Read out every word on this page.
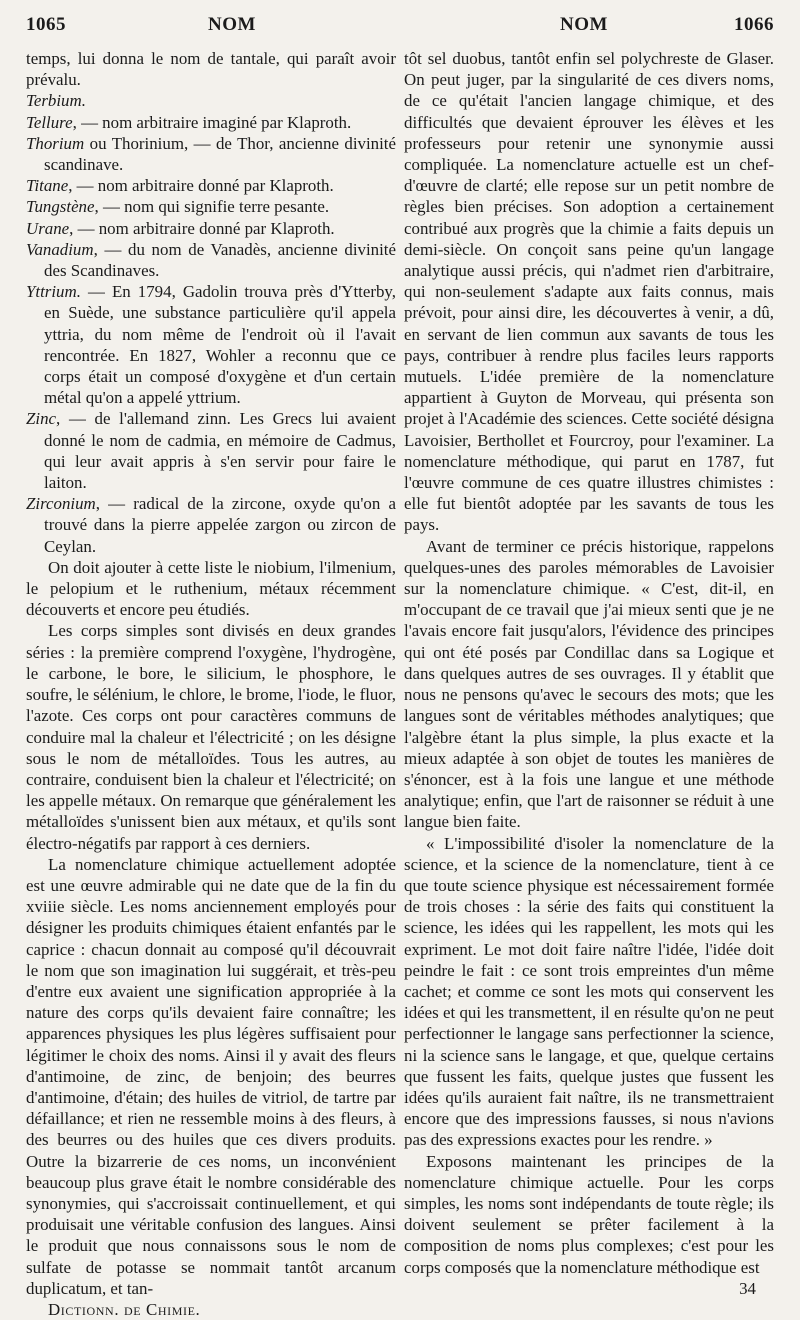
1065	NOM	NOM	1066

temps, lui donna le nom de tantale, qui paraît avoir prévalu.

Terbium.

Tellure, — nom arbitraire imaginé par Klaproth.

Thorium ou Thorinium, — de Thor, ancienne divinité scandinave.

Titane, — nom arbitraire donné par Klaproth.

Tungstène, — nom qui signifie terre pesante.

Urane, — nom arbitraire donné par Klaproth.

Vanadium, — du nom de Vanadès, ancienne divinité des Scandinaves.

Yttrium. — En 1794, Gadolin trouva près d'Ytterby, en Suède, une substance particulière qu'il appela yttria, du nom même de l'endroit où il l'avait rencontrée. En 1827, Wohler a reconnu que ce corps était un composé d'oxygène et d'un certain métal qu'on a appelé yttrium.

Zinc, — de l'allemand zinn. Les Grecs lui avaient donné le nom de cadmia, en mémoire de Cadmus, qui leur avait appris à s'en servir pour faire le laiton.

Zirconium, — radical de la zircone, oxyde qu'on a trouvé dans la pierre appelée zargon ou zircon de Ceylan.

On doit ajouter à cette liste le niobium, l'ilmenium, le pelopium et le ruthenium, métaux récemment découverts et encore peu étudiés.

Les corps simples sont divisés en deux grandes séries : la première comprend l'oxygène, l'hydrogène, le carbone, le bore, le silicium, le phosphore, le soufre, le sélénium, le chlore, le brome, l'iode, le fluor, l'azote. Ces corps ont pour caractères communs de conduire mal la chaleur et l'électricité ; on les désigne sous le nom de métalloïdes. Tous les autres, au contraire, conduisent bien la chaleur et l'électricité; on les appelle métaux. On remarque que généralement les métalloïdes s'unissent bien aux métaux, et qu'ils sont électro-négatifs par rapport à ces derniers.

La nomenclature chimique actuellement adoptée est une œuvre admirable qui ne date que de la fin du xviiie siècle. Les noms anciennement employés pour désigner les produits chimiques étaient enfantés par le caprice : chacun donnait au composé qu'il découvrait le nom que son imagination lui suggérait, et très-peu d'entre eux avaient une signification appropriée à la nature des corps qu'ils devaient faire connaître; les apparences physiques les plus légères suffisaient pour légitimer le choix des noms. Ainsi il y avait des fleurs d'antimoine, de zinc, de benjoin; des beurres d'antimoine, d'étain; des huiles de vitriol, de tartre par défaillance; et rien ne ressemble moins à des fleurs, à des beurres ou des huiles que ces divers produits. Outre la bizarrerie de ces noms, un inconvénient beaucoup plus grave était le nombre considérable des synonymies, qui s'accroissait continuellement, et qui produisait une véritable confusion des langues. Ainsi le produit que nous connaissons sous le nom de sulfate de potasse se nommait tantôt arcanum duplicatum, et tan-

Dictionn. de Chimie.

tôt sel duobus, tantôt enfin sel polychreste de Glaser. On peut juger, par la singularité de ces divers noms, de ce qu'était l'ancien langage chimique, et des difficultés que devaient éprouver les élèves et les professeurs pour retenir une synonymie aussi compliquée. La nomenclature actuelle est un chef-d'œuvre de clarté; elle repose sur un petit nombre de règles bien précises. Son adoption a certainement contribué aux progrès que la chimie a faits depuis un demi-siècle. On conçoit sans peine qu'un langage analytique aussi précis, qui n'admet rien d'arbitraire, qui non-seulement s'adapte aux faits connus, mais prévoit, pour ainsi dire, les découvertes à venir, a dû, en servant de lien commun aux savants de tous les pays, contribuer à rendre plus faciles leurs rapports mutuels. L'idée première de la nomenclature appartient à Guyton de Morveau, qui présenta son projet à l'Académie des sciences. Cette société désigna Lavoisier, Berthollet et Fourcroy, pour l'examiner. La nomenclature méthodique, qui parut en 1787, fut l'œuvre commune de ces quatre illustres chimistes : elle fut bientôt adoptée par les savants de tous les pays.

Avant de terminer ce précis historique, rappelons quelques-unes des paroles mémorables de Lavoisier sur la nomenclature chimique. « C'est, dit-il, en m'occupant de ce travail que j'ai mieux senti que je ne l'avais encore fait jusqu'alors, l'évidence des principes qui ont été posés par Condillac dans sa Logique et dans quelques autres de ses ouvrages. Il y établit que nous ne pensons qu'avec le secours des mots; que les langues sont de véritables méthodes analytiques; que l'algèbre étant la plus simple, la plus exacte et la mieux adaptée à son objet de toutes les manières de s'énoncer, est à la fois une langue et une méthode analytique; enfin, que l'art de raisonner se réduit à une langue bien faite.

« L'impossibilité d'isoler la nomenclature de la science, et la science de la nomenclature, tient à ce que toute science physique est nécessairement formée de trois choses : la série des faits qui constituent la science, les idées qui les rappellent, les mots qui les expriment. Le mot doit faire naître l'idée, l'idée doit peindre le fait : ce sont trois empreintes d'un même cachet; et comme ce sont les mots qui conservent les idées et qui les transmettent, il en résulte qu'on ne peut perfectionner le langage sans perfectionner la science, ni la science sans le langage, et que, quelque certains que fussent les faits, quelque justes que fussent les idées qu'ils auraient fait naître, ils ne transmettraient encore que des impressions fausses, si nous n'avions pas des expressions exactes pour les rendre. »

Exposons maintenant les principes de la nomenclature chimique actuelle. Pour les corps simples, les noms sont indépendants de toute règle; ils doivent seulement se prêter facilement à la composition de noms plus complexes; c'est pour les corps composés que la nomenclature méthodique est

34
